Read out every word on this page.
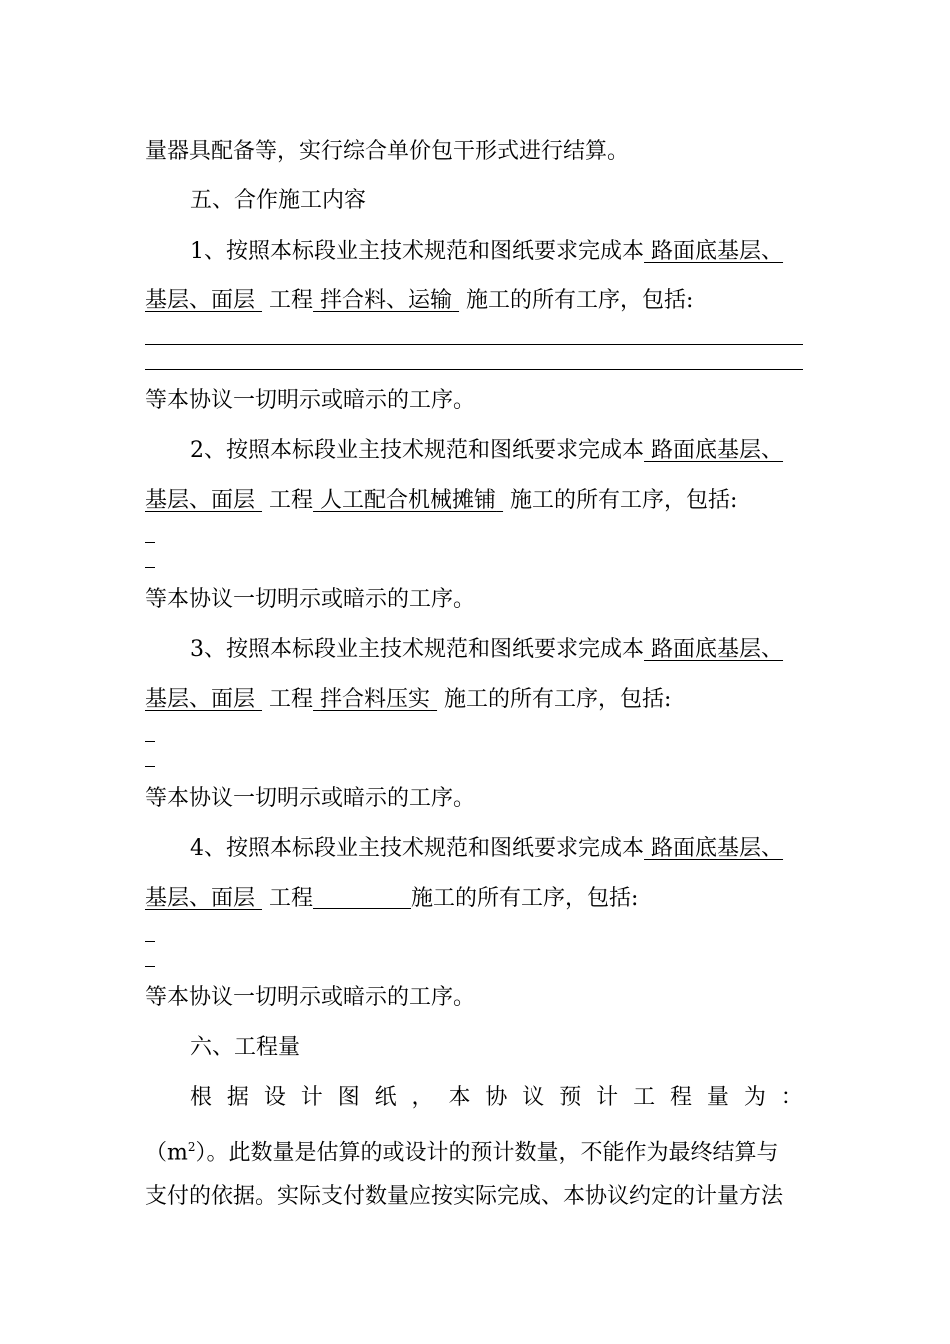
量器具配备等，实行综合单价包干形式进行结算。
五、合作施工内容
1、按照本标段业主技术规范和图纸要求完成本 路面底基层、
基层、面层 工程 拌合料、运输 施工的所有工序，包括:
等本协议一切明示或暗示的工序。
2、按照本标段业主技术规范和图纸要求完成本 路面底基层、
基层、面层 工程 人工配合机械摊铺 施工的所有工序，包括:
等本协议一切明示或暗示的工序。
3、按照本标段业主技术规范和图纸要求完成本 路面底基层、
基层、面层 工程 拌合料压实 施工的所有工序，包括:
等本协议一切明示或暗示的工序。
4、按照本标段业主技术规范和图纸要求完成本 路面底基层、
基层、面层 工程	施工的所有工序，包括:
等本协议一切明示或暗示的工序。
六、工程量
根 据 设 计 图 纸 ， 本 协 议 预 计 工 程 量 为 ：
$(m^2)$。此数量是估算的或设计的预计数量，不能作为最终结算与
支付的依据。实际支付数量应按实际完成、本协议约定的计量方法
